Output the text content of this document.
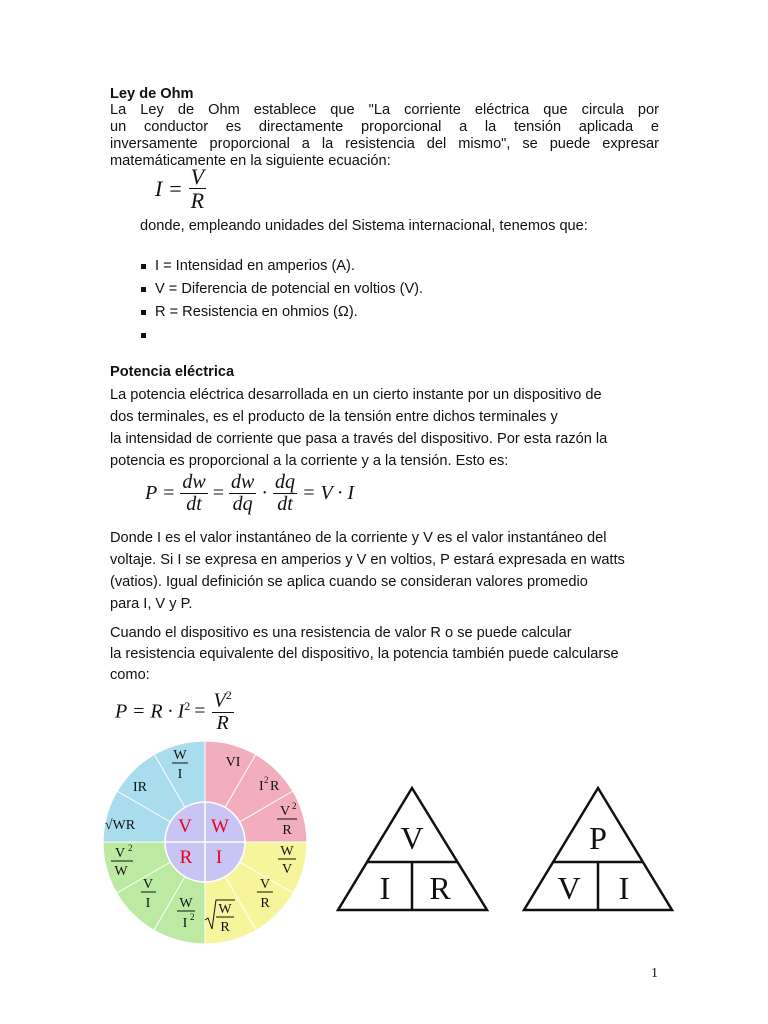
Ley de Ohm
La Ley de Ohm establece que "La corriente eléctrica que circula por
un conductor es directamente proporcional a la tensión aplicada e
inversamente proporcional a la resistencia del mismo", se puede expresar
matemáticamente en la siguiente ecuación:
$I = \frac{V}{R}$
donde, empleando unidades del Sistema internacional, tenemos que:
I = Intensidad en amperios (A).
V = Diferencia de potencial en voltios (V).
R = Resistencia en ohmios (Ω).
Potencia eléctrica
La potencia eléctrica desarrollada en un cierto instante por un dispositivo de
dos terminales, es el producto de la tensión entre dichos terminales y
la intensidad de corriente que pasa a través del dispositivo. Por esta razón la
potencia es proporcional a la corriente y a la tensión. Esto es:
$P = \frac{dw}{dt} = \frac{dw}{dq} \cdot \frac{dq}{dt} = V \cdot I$
Donde I es el valor instantáneo de la corriente y V es el valor instantáneo del
voltaje. Si I se expresa en amperios y V en voltios, P estará expresada en watts
(vatios). Igual definición se aplica cuando se consideran valores promedio
para I, V y P.
Cuando el dispositivo es una resistencia de valor R o se puede calcular
la resistencia equivalente del dispositivo, la potencia también puede calcularse
como:
$P = R \cdot I^2 = \frac{V^2}{R}$
V W
R I
W
I
IR
√WR
V 2
W
V
I W
I 2 W
R
V
R
W
V
VI
I 2 R
V 2
R	V
I R
P
V I
1
